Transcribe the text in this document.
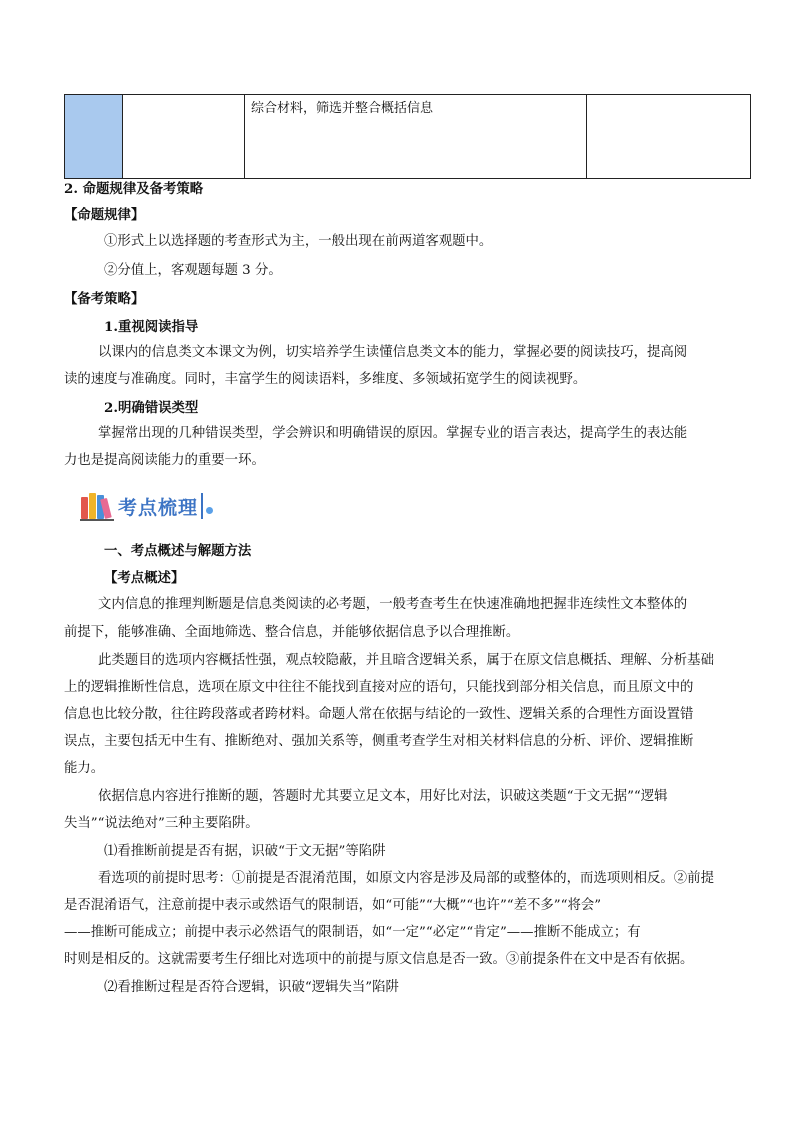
		综合材料，筛选并整合概括信息	
2. 命题规律及备考策略
【命题规律】
①形式上以选择题的考查形式为主，一般出现在前两道客观题中。
②分值上，客观题每题 3 分。
【备考策略】
1.重视阅读指导
以课内的信息类文本课文为例，切实培养学生读懂信息类文本的能力，掌握必要的阅读技巧，提高阅
读的速度与准确度。同时，丰富学生的阅读语料，多维度、多领域拓宽学生的阅读视野。
2.明确错误类型
掌握常出现的几种错误类型，学会辨识和明确错误的原因。掌握专业的语言表达，提高学生的表达能
力也是提高阅读能力的重要一环。
考点梳理
一、考点概述与解题方法
【考点概述】
文内信息的推理判断题是信息类阅读的必考题，一般考查考生在快速准确地把握非连续性文本整体的
前提下，能够准确、全面地筛选、整合信息，并能够依据信息予以合理推断。
此类题目的选项内容概括性强，观点较隐蔽，并且暗含逻辑关系，属于在原文信息概括、理解、分析基础
上的逻辑推断性信息，选项在原文中往往不能找到直接对应的语句，只能找到部分相关信息，而且原文中的
信息也比较分散，往往跨段落或者跨材料。命题人常在依据与结论的一致性、逻辑关系的合理性方面设置错
误点，主要包括无中生有、推断绝对、强加关系等，侧重考查学生对相关材料信息的分析、评价、逻辑推断
能力。
依据信息内容进行推断的题，答题时尤其要立足文本，用好比对法，识破这类题“于文无据”“逻辑
失当”“说法绝对”三种主要陷阱。
⑴看推断前提是否有据，识破“于文无据”等陷阱
看选项的前提时思考：①前提是否混淆范围，如原文内容是涉及局部的或整体的，而选项则相反。②前提
是否混淆语气，注意前提中表示或然语气的限制语，如“可能”“大概”“也许”“差不多”“将会”
——推断可能成立；前提中表示必然语气的限制语，如“一定”“必定”“肯定”——推断不能成立；有
时则是相反的。这就需要考生仔细比对选项中的前提与原文信息是否一致。③前提条件在文中是否有依据。
⑵看推断过程是否符合逻辑，识破“逻辑失当”陷阱
